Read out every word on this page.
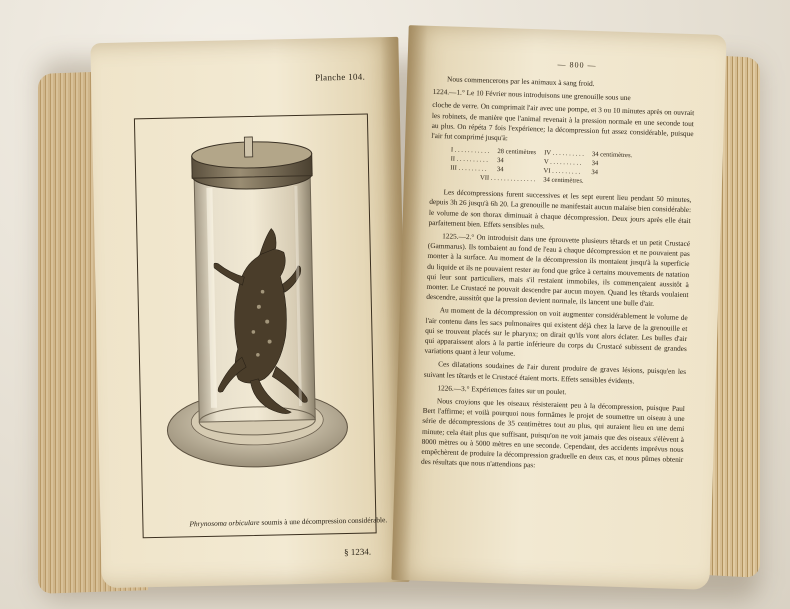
Planche 104.
Phrynosoma orbiculare soumis à une décompression considérable.
§ 1234.
— 800 —

Nous commencerons par les animaux à sang froid.

1224.—1.° Le 10 Février nous introduisons une grenouille sous une

cloche de verre. On comprimait l'air avec une pompe, et 3 ou 10 minutes après on ouvrait les robinets, de manière que l'animal revenait à la pression normale en une seconde tout au plus. On répéta 7 fois l'expérience; la décompression fut assez considérable, puisque l'air fut comprimé jusqu'à:

I . . . . . . . . . . .	28 centimètres	IV . . . . . . . . . .	34 centimètres.
II . . . . . . . . . .	34	V . . . . . . . . . .	34
III . . . . . . . . .	34	VI . . . . . . . . .	34
VII . . . . . . . . . . . . . .		34 centimètres.	

Les décompressions furent successives et les sept eurent lieu pendant 50 minutes, depuis 3h 26 jusqu'à 6h 20. La grenouille ne manifestait aucun malaise bien considérable: le volume de son thorax diminuait à chaque décompression. Deux jours après elle était parfaitement bien. Effets sensibles nuls.

1225.—2.° On introduisit dans une éprouvette plusieurs têtards et un petit Crustacé (Gammarus). Ils tombaient au fond de l'eau à chaque décompression et ne pouvaient pas monter à la surface. Au moment de la décompression ils montaient jusqu'à la superficie du liquide et ils ne pouvaient rester au fond que grâce à certains mouvements de natation qui leur sont particuliers, mais s'il restaient immobiles, ils commençaient aussitôt à monter. Le Crustacé ne pouvait descendre par aucun moyen. Quand les têtards voulaient descendre, aussitôt que la pression devient normale, ils lancent une bulle d'air.

Au moment de la décompression on voit augmenter considérablement le volume de l'air contenu dans les sacs pulmonaires qui existent déjà chez la larve de la grenouille et qui se trouvent placés sur le pharynx; on dirait qu'ils vont alors éclater. Les bulles d'air qui apparaissent alors à la partie inférieure du corps du Crustacé subissent de grandes variations quant à leur volume.

Ces dilatations soudaines de l'air durent produire de graves lésions, puisqu'en les suivant les têtards et le Crustacé étaient morts. Effets sensibles évidents.

1226.—3.° Expériences faites sur un poulet.

Nous croyions que les oiseaux résisteraient peu à la décompression, puisque Paul Bert l'affirme; et voilà pourquoi nous formâmes le projet de soumettre un oiseau à une série de décompressions de 35 centimètres tout au plus, qui auraient lieu en une demi minute; cela était plus que suffisant, puisqu'on ne voit jamais que des oiseaux s'élèvent à 8000 mètres ou à 5000 mètres en une seconde. Cependant, des accidents imprévus nous empêchèrent de produire la décompression graduelle en deux cas, et nous pûmes obtenir des résultats que nous n'attendions pas:
